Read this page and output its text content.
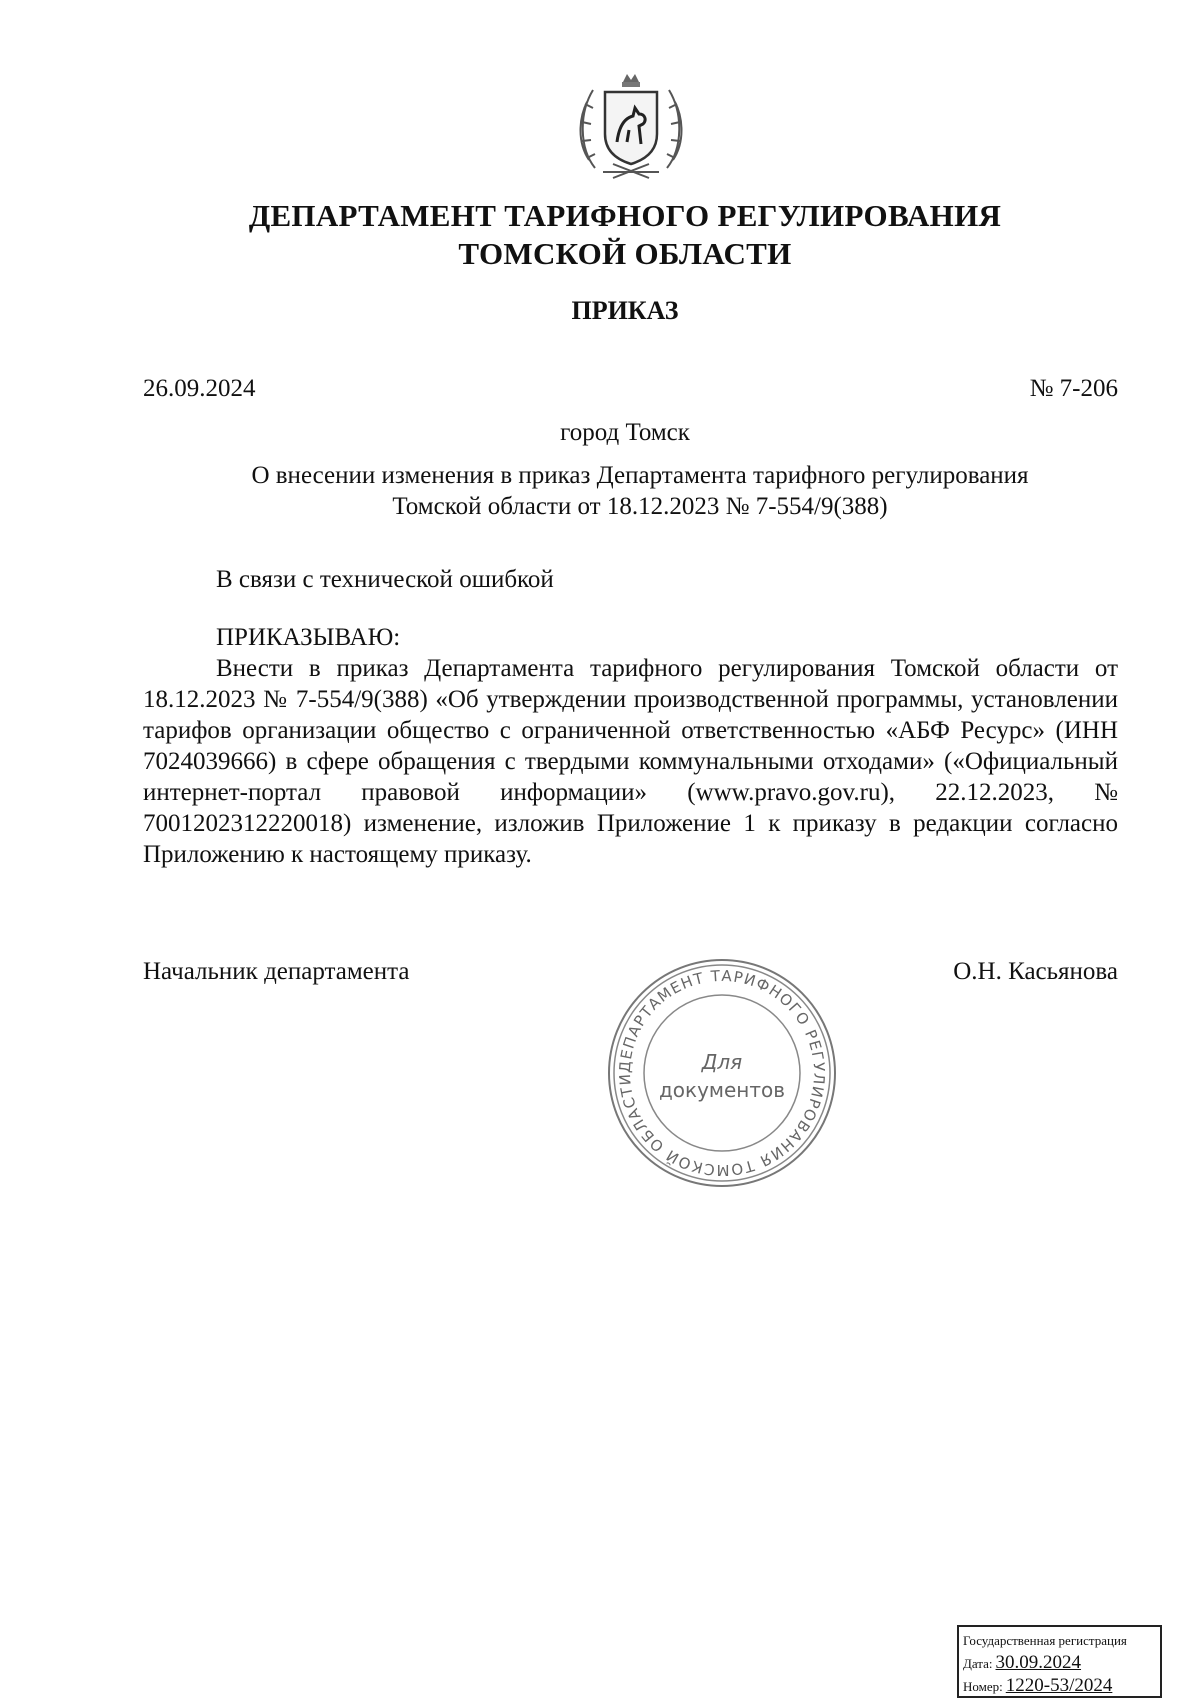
ДЕПАРТАМЕНТ ТАРИФНОГО РЕГУЛИРОВАНИЯ
ТОМСКОЙ ОБЛАСТИ
ПРИКАЗ
26.09.2024	№ 7-206
город Томск
О внесении изменения в приказ Департамента тарифного регулирования
Томской области от 18.12.2023 № 7-554/9(388)
В связи с технической ошибкой
ПРИКАЗЫВАЮ:
Внести в приказ Департамента тарифного регулирования Томской области от 18.12.2023 № 7-554/9(388) «Об утверждении производственной программы, установлении тарифов организации общество с ограниченной ответственностью «АБФ Ресурс» (ИНН 7024039666) в сфере обращения с твердыми коммунальными отходами» («Официальный интернет-портал правовой информации» (www.pravo.gov.ru), 22.12.2023, № 7001202312220018) изменение, изложив Приложение 1 к приказу в редакции согласно Приложению к настоящему приказу.
Начальник департамента	О.Н. Касьянова
ДЕПАРТАМЕНТ ТАРИФНОГО РЕГУЛИРОВАНИЯ ТОМСКОЙ ОБЛАСТИ
Для
документов
Государственная регистрация
Дата: 30.09.2024
Номер: 1220-53/2024
